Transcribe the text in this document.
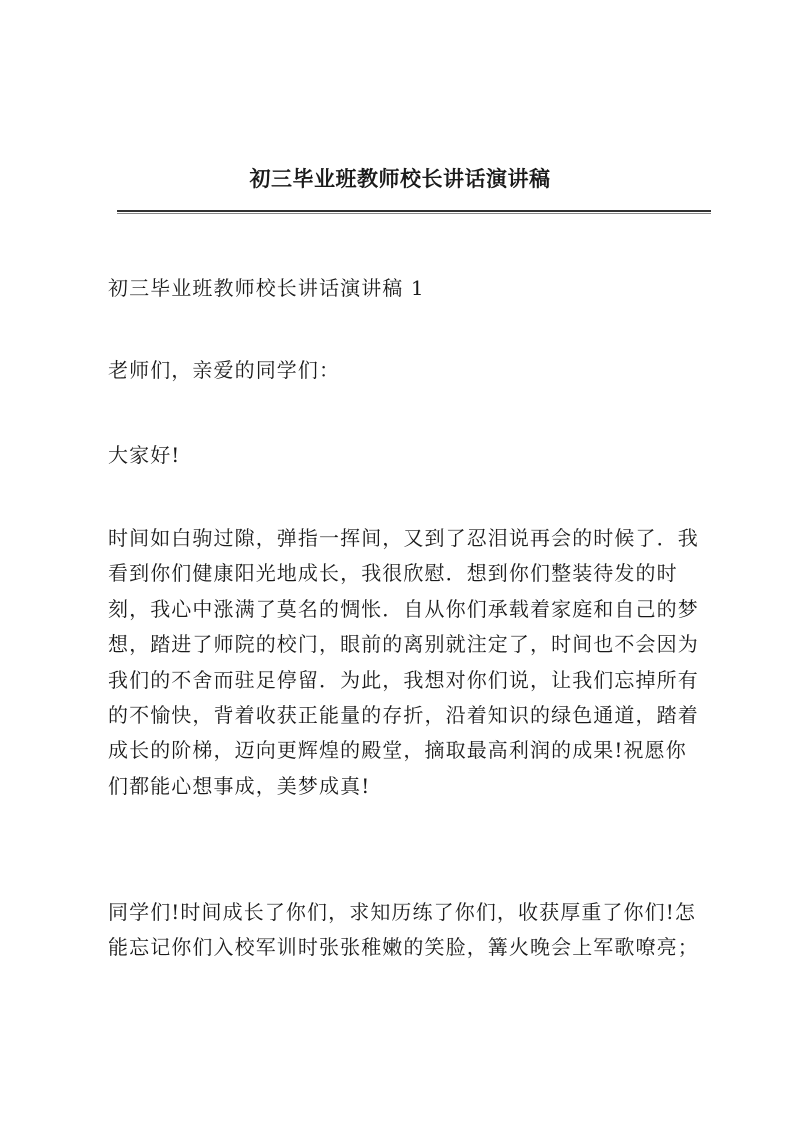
初三毕业班教师校长讲话演讲稿

初三毕业班教师校长讲话演讲稿 1

老师们，亲爱的同学们：

大家好!

时间如白驹过隙，弹指一挥间，又到了忍泪说再会的时候了．我
看到你们健康阳光地成长，我很欣慰．想到你们整装待发的时
刻，我心中涨满了莫名的惆怅．自从你们承载着家庭和自己的梦
想，踏进了师院的校门，眼前的离别就注定了，时间也不会因为
我们的不舍而驻足停留．为此，我想对你们说，让我们忘掉所有
的不愉快，背着收获正能量的存折，沿着知识的绿色通道，踏着
成长的阶梯，迈向更辉煌的殿堂，摘取最高利润的成果!祝愿你
们都能心想事成，美梦成真!

同学们!时间成长了你们，求知历练了你们，收获厚重了你们!怎
能忘记你们入校军训时张张稚嫩的笑脸，篝火晚会上军歌嘹亮；
